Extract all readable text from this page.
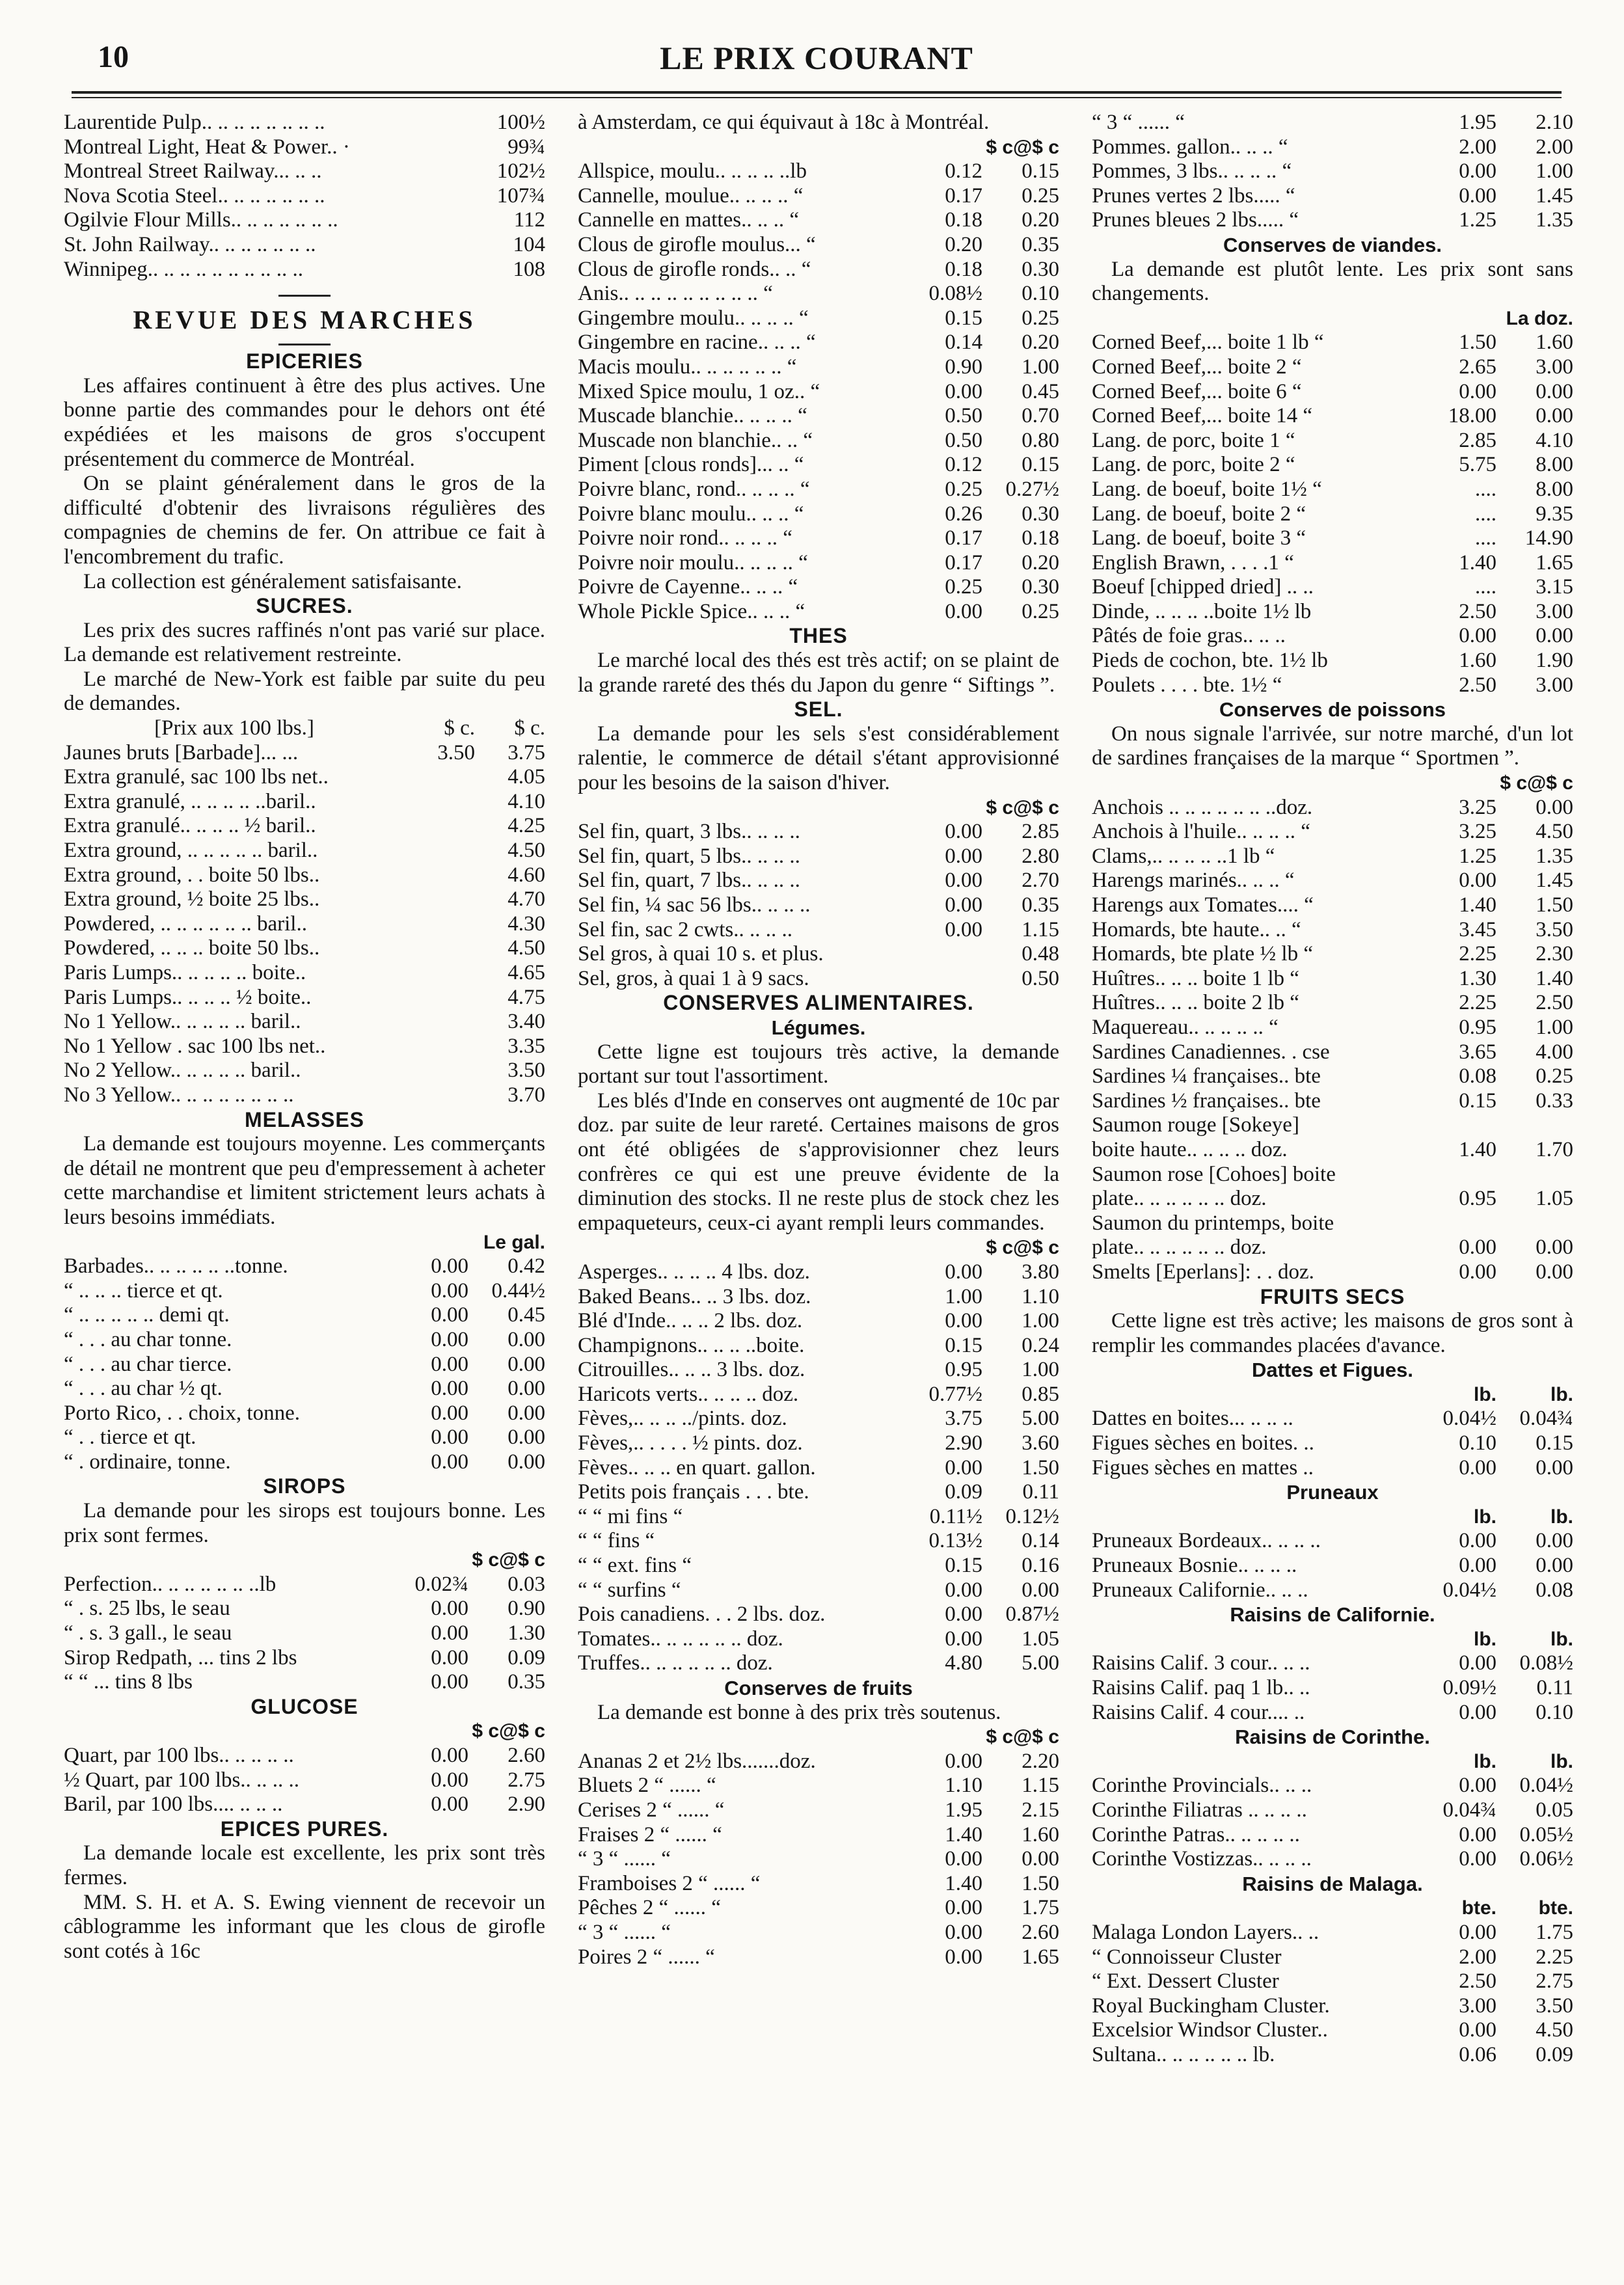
10	LE PRIX COURANT
Laurentide Pulp.. .. .. .. .. .. .. ..	100½
Montreal Light, Heat & Power.. ·	99¾
Montreal Street Railway... .. ..	102½
Nova Scotia Steel.. .. .. .. .. .. ..	107¾
Ogilvie Flour Mills.. .. .. .. .. .. ..	112
St. John Railway.. .. .. .. .. .. ..	104
Winnipeg.. .. .. .. .. .. .. .. .. ..	108
REVUE DES MARCHES
EPICERIES

Les affaires continuent à être des plus actives. Une bonne partie des commandes pour le dehors ont été expédiées et les maisons de gros s'occupent présentement du commerce de Montréal.

On se plaint généralement dans le gros de la difficulté d'obtenir des livraisons régulières des compagnies de chemins de fer. On attribue ce fait à l'encombrement du trafic.

La collection est généralement satisfaisante.

SUCRES.

Les prix des sucres raffinés n'ont pas varié sur place. La demande est relativement restreinte.

Le marché de New-York est faible par suite du peu de demandes.

[Prix aux 100 lbs.]	$ c.	$ c.
Jaunes bruts [Barbade]... ...	3.50	3.75
Extra granulé, sac 100 lbs net..	4.05
Extra granulé, .. .. .. .. ..baril..	4.10
Extra granulé.. .. .. .. ½ baril..	4.25
Extra ground, .. .. .. .. .. baril..	4.50
Extra ground, . . boite 50 lbs..	4.60
Extra ground, ½ boite 25 lbs..	4.70
Powdered, .. .. .. .. .. .. baril..	4.30
Powdered, .. .. .. boite 50 lbs..	4.50
Paris Lumps.. .. .. .. .. boite..	4.65
Paris Lumps.. .. .. .. ½ boite..	4.75
No 1 Yellow.. .. .. .. .. baril..	3.40
No 1 Yellow . sac 100 lbs net..	3.35
No 2 Yellow.. .. .. .. .. baril..	3.50
No 3 Yellow.. .. .. .. .. .. .. ..	3.70
MELASSES

La demande est toujours moyenne. Les commerçants de détail ne montrent que peu d'empressement à acheter cette marchandise et limitent strictement leurs achats à leurs besoins immédiats.

Le gal.
Barbades.. .. .. .. .. ..tonne.	0.00	0.42
“ .. .. .. tierce et qt.	0.00	0.44½
“ .. .. .. .. .. demi qt.	0.00	0.45
“ . . . au char tonne.	0.00	0.00
“ . . . au char tierce.	0.00	0.00
“ . . . au char ½ qt.	0.00	0.00
Porto Rico, . . choix, tonne.	0.00	0.00
“ . . tierce et qt.	0.00	0.00
“ . ordinaire, tonne.	0.00	0.00
SIROPS

La demande pour les sirops est toujours bonne. Les prix sont fermes.

$ c@$ c
Perfection.. .. .. .. .. .. ..lb	0.02¾	0.03
“ . s. 25 lbs, le seau	0.00	0.90
“ . s. 3 gall., le seau	0.00	1.30
Sirop Redpath, ... tins 2 lbs	0.00	0.09
“ “ ... tins 8 lbs	0.00	0.35
GLUCOSE
$ c@$ c
Quart, par 100 lbs.. .. .. .. ..	0.00	2.60
½ Quart, par 100 lbs.. .. .. ..	0.00	2.75
Baril, par 100 lbs.... .. .. ..	0.00	2.90
EPICES PURES.

La demande locale est excellente, les prix sont très fermes.

MM. S. H. et A. S. Ewing viennent de recevoir un câblogramme les informant que les clous de girofle sont cotés à 16c

à Amsterdam, ce qui équivaut à 18c à Montréal.

$ c@$ c
Allspice, moulu.. .. .. .. ..lb	0.12	0.15
Cannelle, moulue.. .. .. .. “	0.17	0.25
Cannelle en mattes.. .. .. “	0.18	0.20
Clous de girofle moulus... “	0.20	0.35
Clous de girofle ronds.. .. “	0.18	0.30
Anis.. .. .. .. .. .. .. .. .. “	0.08½	0.10
Gingembre moulu.. .. .. .. “	0.15	0.25
Gingembre en racine.. .. .. “	0.14	0.20
Macis moulu.. .. .. .. .. .. “	0.90	1.00
Mixed Spice moulu, 1 oz.. “	0.00	0.45
Muscade blanchie.. .. .. .. “	0.50	0.70
Muscade non blanchie.. .. “	0.50	0.80
Piment [clous ronds]... .. “	0.12	0.15
Poivre blanc, rond.. .. .. .. “	0.25	0.27½
Poivre blanc moulu.. .. .. “	0.26	0.30
Poivre noir rond.. .. .. .. “	0.17	0.18
Poivre noir moulu.. .. .. .. “	0.17	0.20
Poivre de Cayenne.. .. .. “	0.25	0.30
Whole Pickle Spice.. .. .. “	0.00	0.25
THES

Le marché local des thés est très actif; on se plaint de la grande rareté des thés du Japon du genre “ Siftings ”.

SEL.

La demande pour les sels s'est considérablement ralentie, le commerce de détail s'étant approvisionné pour les besoins de la saison d'hiver.

$ c@$ c
Sel fin, quart, 3 lbs.. .. .. ..	0.00	2.85
Sel fin, quart, 5 lbs.. .. .. ..	0.00	2.80
Sel fin, quart, 7 lbs.. .. .. ..	0.00	2.70
Sel fin, ¼ sac 56 lbs.. .. .. ..	0.00	0.35
Sel fin, sac 2 cwts.. .. .. ..	0.00	1.15
Sel gros, à quai 10 s. et plus.	0.48
Sel, gros, à quai 1 à 9 sacs.	0.50
CONSERVES ALIMENTAIRES.
Légumes.

Cette ligne est toujours très active, la demande portant sur tout l'assortiment.

Les blés d'Inde en conserves ont augmenté de 10c par doz. par suite de leur rareté. Certaines maisons de gros ont été obligées de s'approvisionner chez leurs confrères ce qui est une preuve évidente de la diminution des stocks. Il ne reste plus de stock chez les empaqueteurs, ceux-ci ayant rempli leurs commandes.

$ c@$ c
Asperges.. .. .. .. 4 lbs. doz.	0.00	3.80
Baked Beans.. .. 3 lbs. doz.	1.00	1.10
Blé d'Inde.. .. .. 2 lbs. doz.	0.00	1.00
Champignons.. .. .. ..boite.	0.15	0.24
Citrouilles.. .. .. 3 lbs. doz.	0.95	1.00
Haricots verts.. .. .. .. doz.	0.77½	0.85
Fèves,.. .. .. ../pints. doz.	3.75	5.00
Fèves,.. . . . . ½ pints. doz.	2.90	3.60
Fèves.. .. .. en quart. gallon.	0.00	1.50
Petits pois français . . . bte.	0.09	0.11
“ “ mi fins “	0.11½	0.12½
“ “ fins “	0.13½	0.14
“ “ ext. fins “	0.15	0.16
“ “ surfins “	0.00	0.00
Pois canadiens. . . 2 lbs. doz.	0.00	0.87½
Tomates.. .. .. .. .. .. doz.	0.00	1.05
Truffes.. .. .. .. .. .. doz.	4.80	5.00
Conserves de fruits

La demande est bonne à des prix très soutenus.

$ c@$ c
Ananas 2 et 2½ lbs.......doz.	0.00	2.20
Bluets 2 “ ...... “	1.10	1.15
Cerises 2 “ ...... “	1.95	2.15
Fraises 2 “ ...... “	1.40	1.60
“ 3 “ ...... “	0.00	0.00
Framboises 2 “ ...... “	1.40	1.50
Pêches 2 “ ...... “	0.00	1.75
“ 3 “ ...... “	0.00	2.60
Poires 2 “ ...... “	0.00	1.65
“ 3 “ ...... “	1.95	2.10
Pommes. gallon.. .. .. “	2.00	2.00
Pommes, 3 lbs.. .. .. .. “	0.00	1.00
Prunes vertes 2 lbs..... “	0.00	1.45
Prunes bleues 2 lbs..... “	1.25	1.35
Conserves de viandes.

La demande est plutôt lente. Les prix sont sans changements.

La doz.
Corned Beef,... boite 1 lb “	1.50	1.60
Corned Beef,... boite 2 “	2.65	3.00
Corned Beef,... boite 6 “	0.00	0.00
Corned Beef,... boite 14 “	18.00	0.00
Lang. de porc, boite 1 “	2.85	4.10
Lang. de porc, boite 2 “	5.75	8.00
Lang. de boeuf, boite 1½ “	....	8.00
Lang. de boeuf, boite 2 “	....	9.35
Lang. de boeuf, boite 3 “	....	14.90
English Brawn, . . . .1 “	1.40	1.65
Boeuf [chipped dried] .. ..	....	3.15
Dinde, .. .. .. ..boite 1½ lb	2.50	3.00
Pâtés de foie gras.. .. ..	0.00	0.00
Pieds de cochon, bte. 1½ lb	1.60	1.90
Poulets . . . . bte. 1½ “	2.50	3.00
Conserves de poissons

On nous signale l'arrivée, sur notre marché, d'un lot de sardines françaises de la marque “ Sportmen ”.

$ c@$ c
Anchois .. .. .. .. .. .. ..doz.	3.25	0.00
Anchois à l'huile.. .. .. .. “	3.25	4.50
Clams,.. .. .. .. ..1 lb “	1.25	1.35
Harengs marinés.. .. .. “	0.00	1.45
Harengs aux Tomates.... “	1.40	1.50
Homards, bte haute.. .. “	3.45	3.50
Homards, bte plate ½ lb “	2.25	2.30
Huîtres.. .. .. boite 1 lb “	1.30	1.40
Huîtres.. .. .. boite 2 lb “	2.25	2.50
Maquereau.. .. .. .. .. “	0.95	1.00
Sardines Canadiennes. . cse	3.65	4.00
Sardines ¼ françaises.. bte	0.08	0.25
Sardines ½ françaises.. bte	0.15	0.33
Saumon rouge [Sokeye]
boite haute.. .. .. .. doz.	1.40	1.70
Saumon rose [Cohoes] boite
plate.. .. .. .. .. .. doz.	0.95	1.05
Saumon du printemps, boite
plate.. .. .. .. .. .. doz.	0.00	0.00
Smelts [Eperlans]: . . doz.	0.00	0.00
FRUITS SECS

Cette ligne est très active; les maisons de gros sont à remplir les commandes placées d'avance.

Dattes et Figues.
lb.	lb.
Dattes en boites... .. .. ..	0.04½	0.04¾
Figues sèches en boites. ..	0.10	0.15
Figues sèches en mattes ..	0.00	0.00
Pruneaux
lb.	lb.
Pruneaux Bordeaux.. .. .. ..	0.00	0.00
Pruneaux Bosnie.. .. .. ..	0.00	0.00
Pruneaux Californie.. .. ..	0.04½	0.08
Raisins de Californie.
lb.	lb.
Raisins Calif. 3 cour.. .. ..	0.00	0.08½
Raisins Calif. paq 1 lb.. ..	0.09½	0.11
Raisins Calif. 4 cour.... ..	0.00	0.10
Raisins de Corinthe.
lb.	lb.
Corinthe Provincials.. .. ..	0.00	0.04½
Corinthe Filiatras .. .. .. ..	0.04¾	0.05
Corinthe Patras.. .. .. .. ..	0.00	0.05½
Corinthe Vostizzas.. .. .. ..	0.00	0.06½
Raisins de Malaga.
bte. bte.
Malaga London Layers.. ..	0.00	1.75
“ Connoisseur Cluster	2.00	2.25
“ Ext. Dessert Cluster	2.50	2.75
Royal Buckingham Cluster.	3.00	3.50
Excelsior Windsor Cluster..	0.00	4.50
Sultana.. .. .. .. .. .. lb.	0.06	0.09
